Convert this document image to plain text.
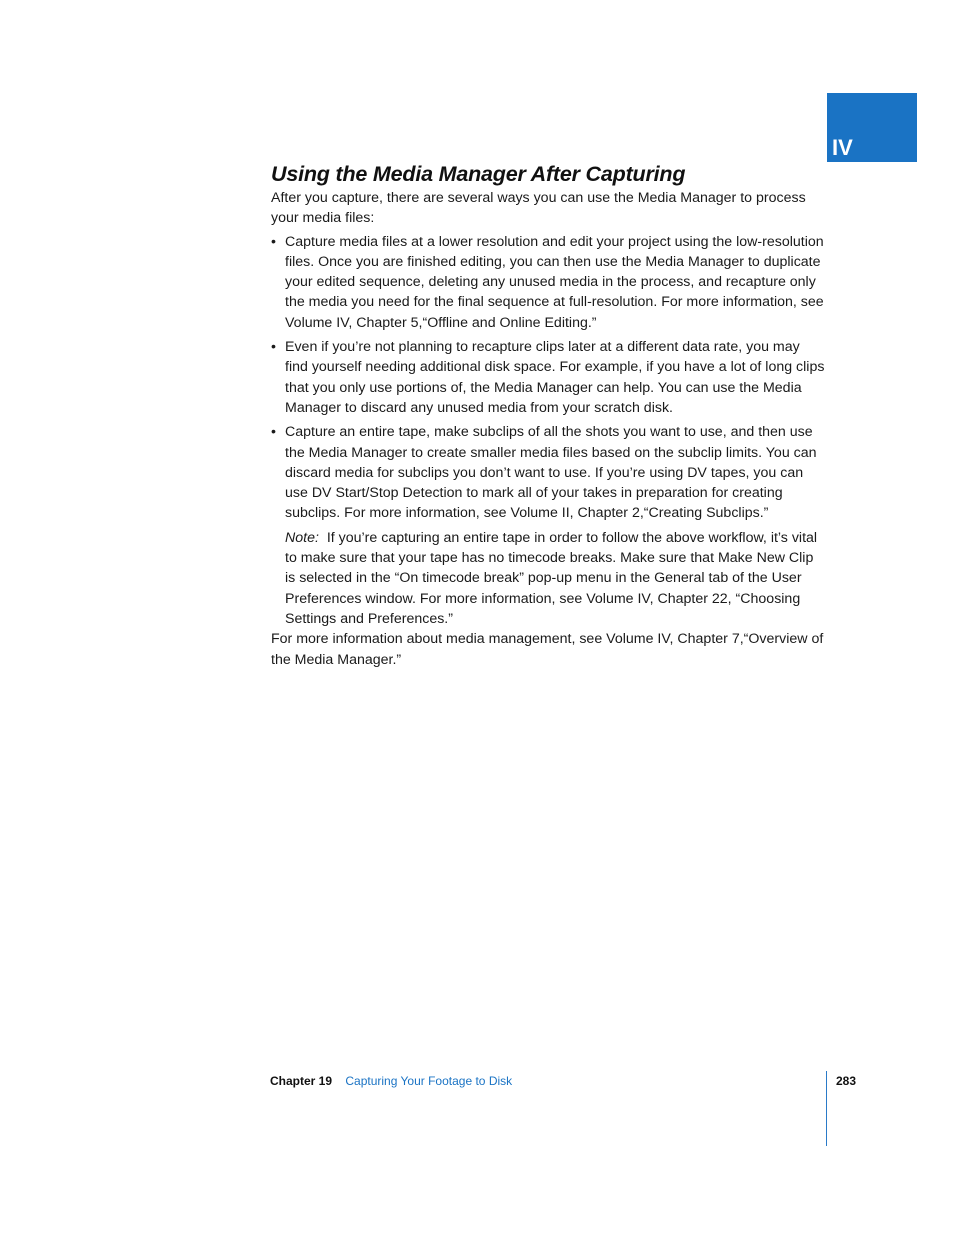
IV
Using the Media Manager After Capturing

After you capture, there are several ways you can use the Media Manager to process your media files:

• Capture media files at a lower resolution and edit your project using the low-resolution files. Once you are finished editing, you can then use the Media Manager to duplicate your edited sequence, deleting any unused media in the process, and recapture only the media you need for the final sequence at full-resolution. For more information, see Volume IV, Chapter 5,“Offline and Online Editing.”
• Even if you’re not planning to recapture clips later at a different data rate, you may find yourself needing additional disk space. For example, if you have a lot of long clips that you only use portions of, the Media Manager can help. You can use the Media Manager to discard any unused media from your scratch disk.
• Capture an entire tape, make subclips of all the shots you want to use, and then use the Media Manager to create smaller media files based on the subclip limits. You can discard media for subclips you don’t want to use. If you’re using DV tapes, you can use DV Start/Stop Detection to mark all of your takes in preparation for creating subclips. For more information, see Volume II, Chapter 2,“Creating Subclips.”

Note: If you’re capturing an entire tape in order to follow the above workflow, it’s vital to make sure that your tape has no timecode breaks. Make sure that Make New Clip is selected in the “On timecode break” pop-up menu in the General tab of the User Preferences window. For more information, see Volume IV, Chapter 22, “Choosing Settings and Preferences.”

For more information about media management, see Volume IV, Chapter 7,“Overview of the Media Manager.”

Chapter 19 Capturing Your Footage to Disk	283
